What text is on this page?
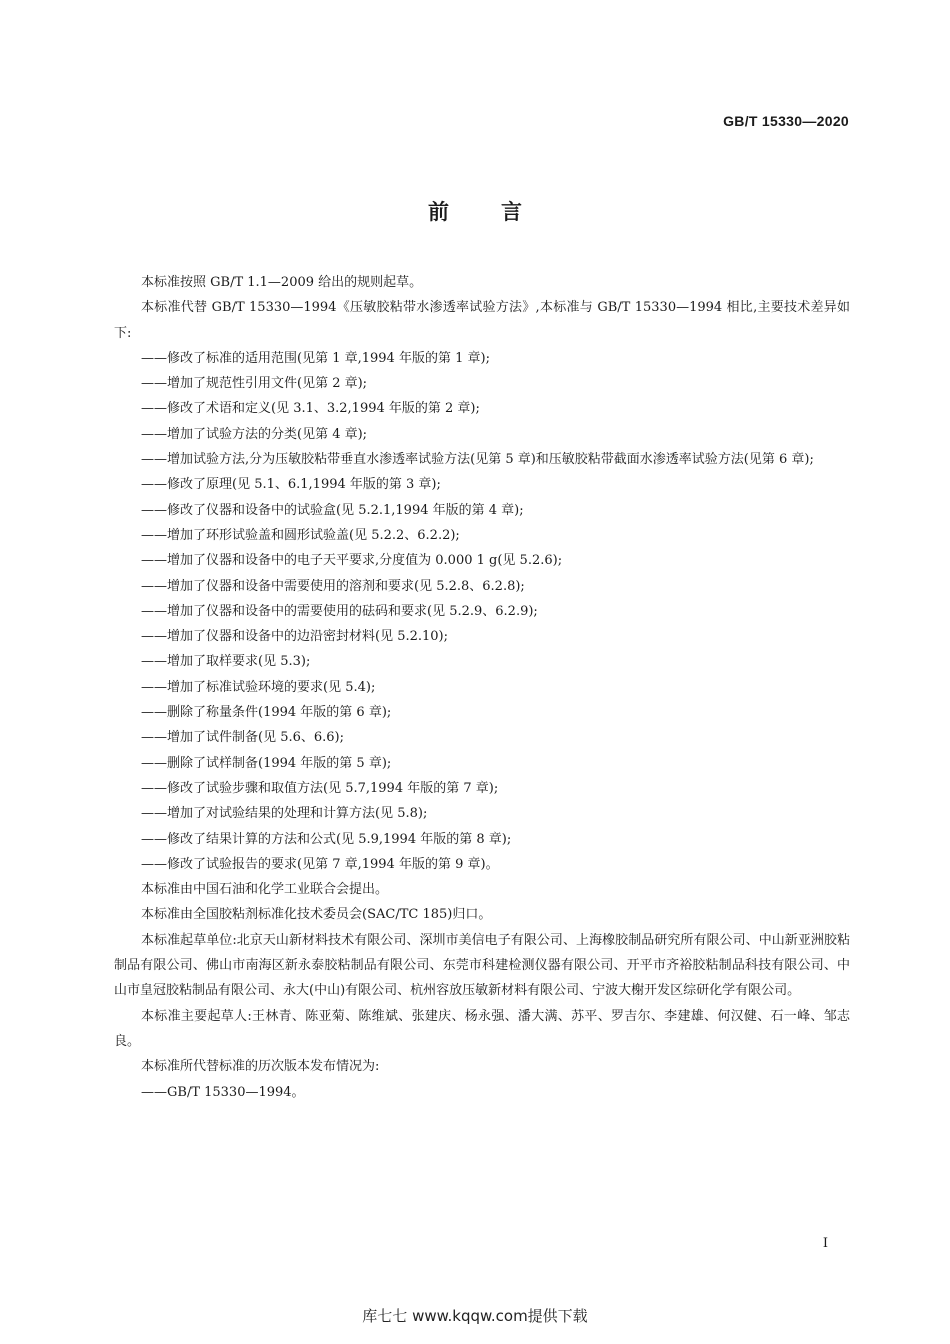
GB/T 15330—2020
前言

本标准按照 GB/T 1.1—2009 给出的规则起草。

本标准代替 GB/T 15330—1994《压敏胶粘带水渗透率试验方法》,本标准与 GB/T 15330—1994 相比,主要技术差异如下:

——修改了标准的适用范围(见第 1 章,1994 年版的第 1 章);

——增加了规范性引用文件(见第 2 章);

——修改了术语和定义(见 3.1、3.2,1994 年版的第 2 章);

——增加了试验方法的分类(见第 4 章);

——增加试验方法,分为压敏胶粘带垂直水渗透率试验方法(见第 5 章)和压敏胶粘带截面水渗透率试验方法(见第 6 章);

——修改了原理(见 5.1、6.1,1994 年版的第 3 章);

——修改了仪器和设备中的试验盒(见 5.2.1,1994 年版的第 4 章);

——增加了环形试验盖和圆形试验盖(见 5.2.2、6.2.2);

——增加了仪器和设备中的电子天平要求,分度值为 0.000 1 g(见 5.2.6);

——增加了仪器和设备中需要使用的溶剂和要求(见 5.2.8、6.2.8);

——增加了仪器和设备中的需要使用的砝码和要求(见 5.2.9、6.2.9);

——增加了仪器和设备中的边沿密封材料(见 5.2.10);

——增加了取样要求(见 5.3);

——增加了标准试验环境的要求(见 5.4);

——删除了称量条件(1994 年版的第 6 章);

——增加了试件制备(见 5.6、6.6);

——删除了试样制备(1994 年版的第 5 章);

——修改了试验步骤和取值方法(见 5.7,1994 年版的第 7 章);

——增加了对试验结果的处理和计算方法(见 5.8);

——修改了结果计算的方法和公式(见 5.9,1994 年版的第 8 章);

——修改了试验报告的要求(见第 7 章,1994 年版的第 9 章)。

本标准由中国石油和化学工业联合会提出。

本标准由全国胶粘剂标准化技术委员会(SAC/TC 185)归口。

本标准起草单位:北京天山新材料技术有限公司、深圳市美信电子有限公司、上海橡胶制品研究所有限公司、中山新亚洲胶粘制品有限公司、佛山市南海区新永泰胶粘制品有限公司、东莞市科建检测仪器有限公司、开平市齐裕胶粘制品科技有限公司、中山市皇冠胶粘制品有限公司、永大(中山)有限公司、杭州容放压敏新材料有限公司、宁波大榭开发区综研化学有限公司。

本标准主要起草人:王林青、陈亚菊、陈维斌、张建庆、杨永强、潘大满、苏平、罗吉尔、李建雄、何汉健、石一峰、邹志良。

本标准所代替标准的历次版本发布情况为:

——GB/T 15330—1994。

I
库七七 www.kqqw.com提供下载
